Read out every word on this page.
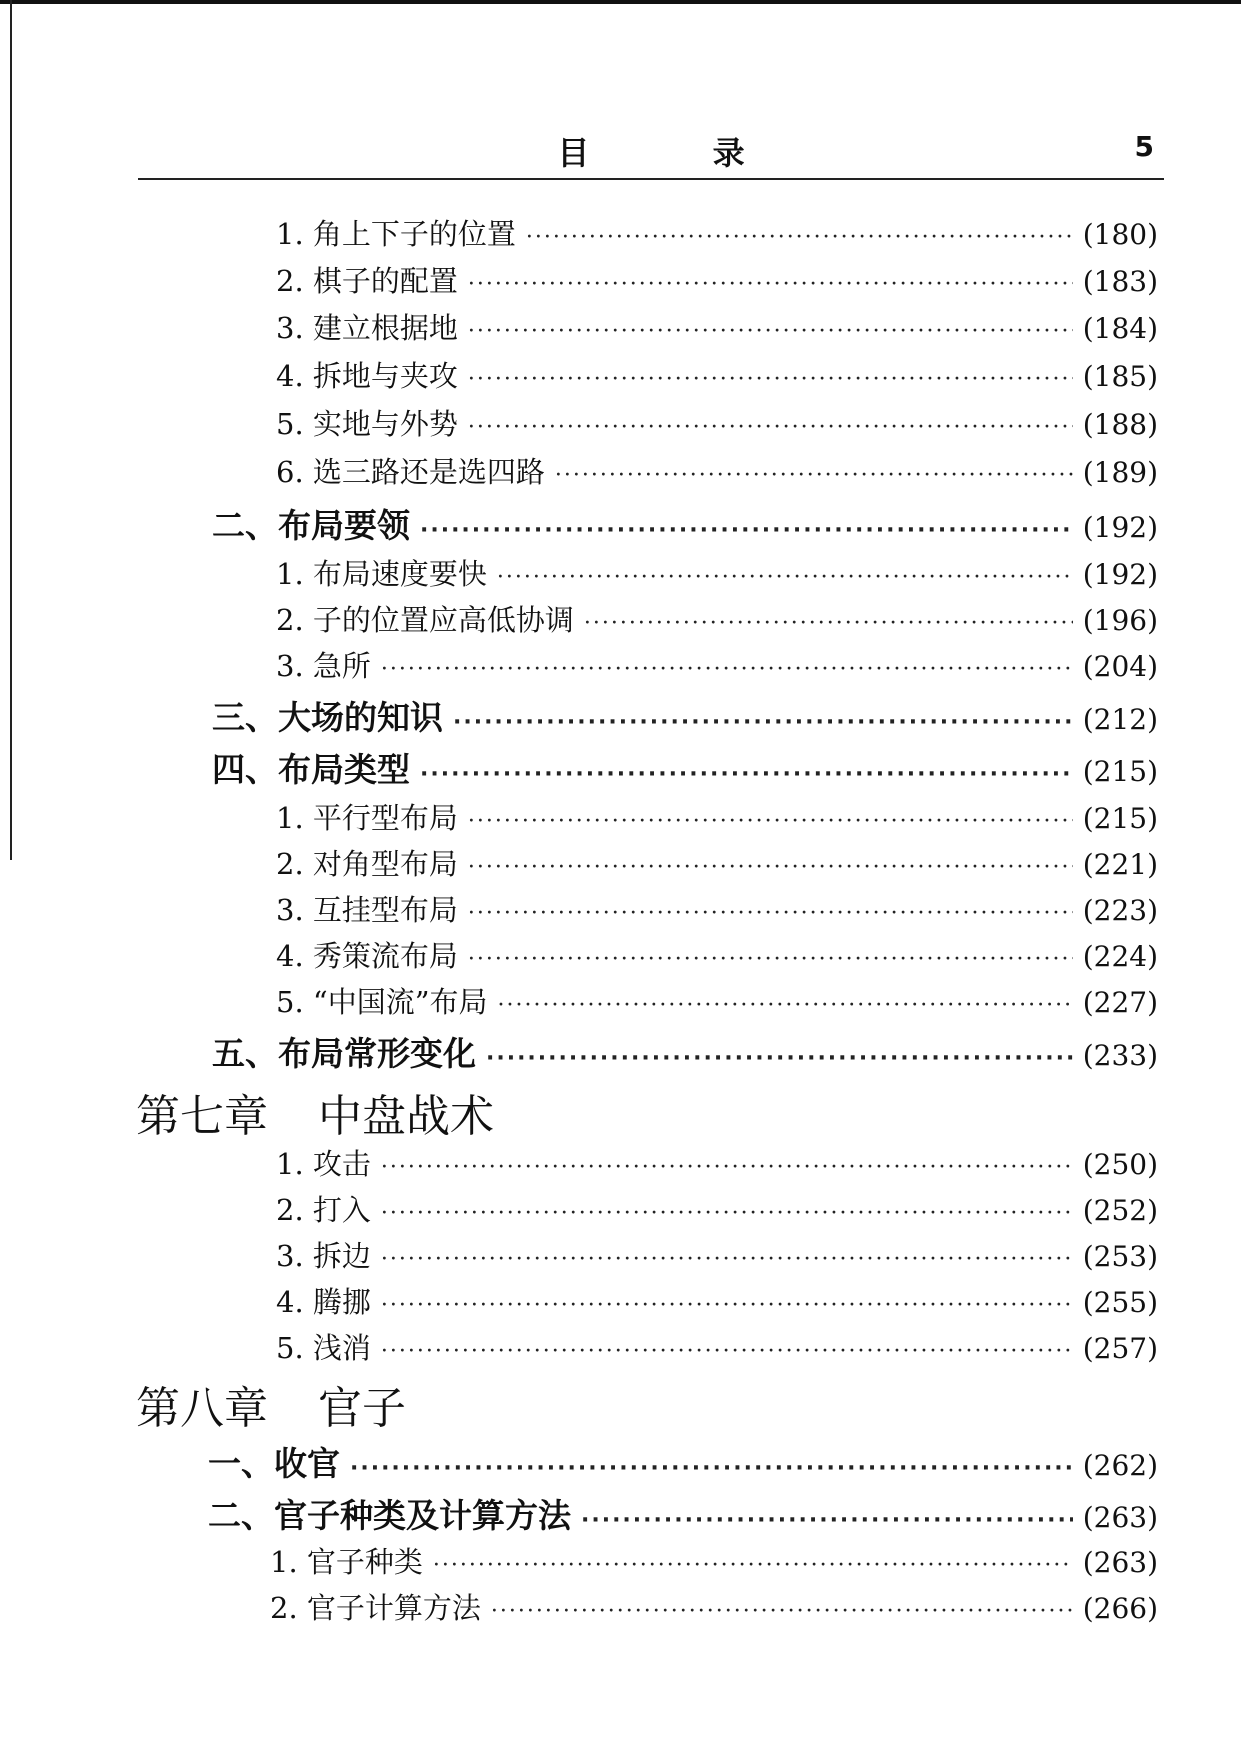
目 录	5
1. 角上下子的位置 ·····	(180)
2. 棋子的配置 ·····	(183)
3. 建立根据地 ·····	(184)
4. 拆地与夹攻 ·····	(185)
5. 实地与外势 ·····	(188)
6. 选三路还是选四路 ·····	(189)
二、布局要领 ·····	(192)
1. 布局速度要快 ·····	(192)
2. 子的位置应高低协调 ·····	(196)
3. 急所 ·····	(204)
三、大场的知识 ·····	(212)
四、布局类型 ·····	(215)
1. 平行型布局 ·····	(215)
2. 对角型布局 ·····	(221)
3. 互挂型布局 ·····	(223)
4. 秀策流布局 ·····	(224)
5. “中国流”布局 ·····	(227)
五、布局常形变化 ·····	(233)
第七章 中盘战术
1. 攻击 ·····	(250)
2. 打入 ·····	(252)
3. 拆边 ·····	(253)
4. 腾挪 ·····	(255)
5. 浅消 ·····	(257)
第八章 官子
一、收官 ·····	(262)
二、官子种类及计算方法 ·····	(263)
1. 官子种类 ·····	(263)
2. 官子计算方法 ·····	(266)
